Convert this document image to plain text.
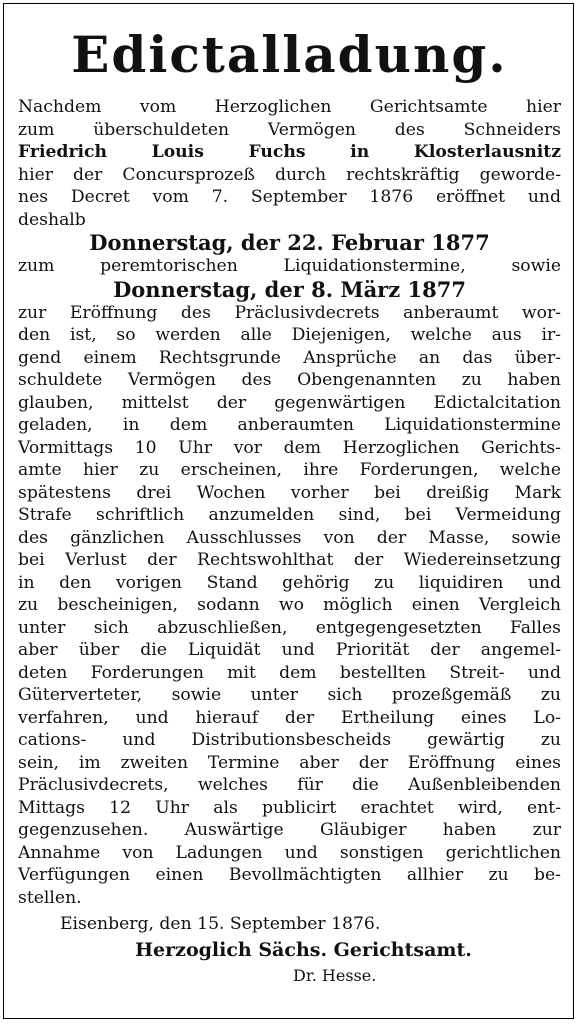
Edictalladung.
Nachdem vom Herzoglichen Gerichtsamte hier
zum überschuldeten Vermögen des Schneiders
Friedrich Louis Fuchs in Klosterlausnitz
hier der Concursprozeß durch rechtskräftig geworde-
nes Decret vom 7. September 1876 eröffnet und
deshalb
Donnerstag, der 22. Februar 1877
zum peremtorischen Liquidationstermine, sowie
Donnerstag, der 8. März 1877
zur Eröffnung des Präclusivdecrets anberaumt wor-
den ist, so werden alle Diejenigen, welche aus ir-
gend einem Rechtsgrunde Ansprüche an das über-
schuldete Vermögen des Obengenannten zu haben
glauben, mittelst der gegenwärtigen Edictalcitation
geladen, in dem anberaumten Liquidationstermine
Vormittags 10 Uhr vor dem Herzoglichen Gerichts-
amte hier zu erscheinen, ihre Forderungen, welche
spätestens drei Wochen vorher bei dreißig Mark
Strafe schriftlich anzumelden sind, bei Vermeidung
des gänzlichen Ausschlusses von der Masse, sowie
bei Verlust der Rechtswohlthat der Wiedereinsetzung
in den vorigen Stand gehörig zu liquidiren und
zu bescheinigen, sodann wo möglich einen Vergleich
unter sich abzuschließen, entgegengesetzten Falles
aber über die Liquidät und Priorität der angemel-
deten Forderungen mit dem bestellten Streit- und
Güterverteter, sowie unter sich prozeßgemäß zu
verfahren, und hierauf der Ertheilung eines Lo-
cations- und Distributionsbescheids gewärtig zu
sein, im zweiten Termine aber der Eröffnung eines
Präclusivdecrets, welches für die Außenbleibenden
Mittags 12 Uhr als publicirt erachtet wird, ent-
gegenzusehen. Auswärtige Gläubiger haben zur
Annahme von Ladungen und sonstigen gerichtlichen
Verfügungen einen Bevollmächtigten allhier zu be-
stellen.
Eisenberg, den 15. September 1876.
Herzoglich Sächs. Gerichtsamt.
Dr. Hesse.
